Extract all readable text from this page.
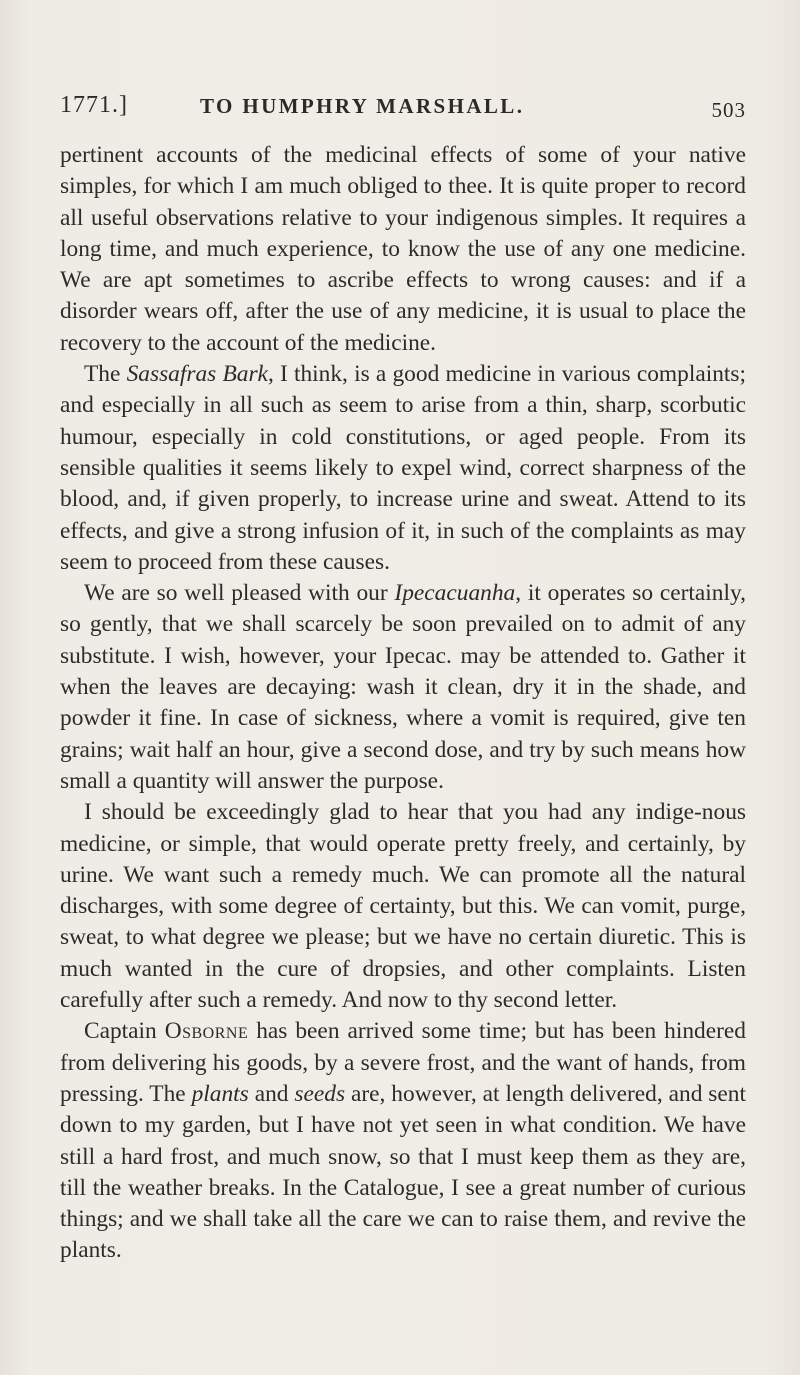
1771.]	TO HUMPHRY MARSHALL.	503

pertinent accounts of the medicinal effects of some of your native simples, for which I am much obliged to thee. It is quite proper to record all useful observations relative to your indigenous simples. It requires a long time, and much experience, to know the use of any one medicine. We are apt sometimes to ascribe effects to wrong causes: and if a disorder wears off, after the use of any medicine, it is usual to place the recovery to the account of the medicine.

The Sassafras Bark, I think, is a good medicine in various complaints; and especially in all such as seem to arise from a thin, sharp, scorbutic humour, especially in cold constitutions, or aged people. From its sensible qualities it seems likely to expel wind, correct sharpness of the blood, and, if given properly, to increase urine and sweat. Attend to its effects, and give a strong infusion of it, in such of the complaints as may seem to proceed from these causes.

We are so well pleased with our Ipecacuanha, it operates so certainly, so gently, that we shall scarcely be soon prevailed on to admit of any substitute. I wish, however, your Ipecac. may be attended to. Gather it when the leaves are decaying: wash it clean, dry it in the shade, and powder it fine. In case of sickness, where a vomit is required, give ten grains; wait half an hour, give a second dose, and try by such means how small a quantity will answer the purpose.

I should be exceedingly glad to hear that you had any indige-nous medicine, or simple, that would operate pretty freely, and certainly, by urine. We want such a remedy much. We can promote all the natural discharges, with some degree of certainty, but this. We can vomit, purge, sweat, to what degree we please; but we have no certain diuretic. This is much wanted in the cure of dropsies, and other complaints. Listen carefully after such a remedy. And now to thy second letter.

Captain Osborne has been arrived some time; but has been hindered from delivering his goods, by a severe frost, and the want of hands, from pressing. The plants and seeds are, however, at length delivered, and sent down to my garden, but I have not yet seen in what condition. We have still a hard frost, and much snow, so that I must keep them as they are, till the weather breaks. In the Catalogue, I see a great number of curious things; and we shall take all the care we can to raise them, and revive the plants.
